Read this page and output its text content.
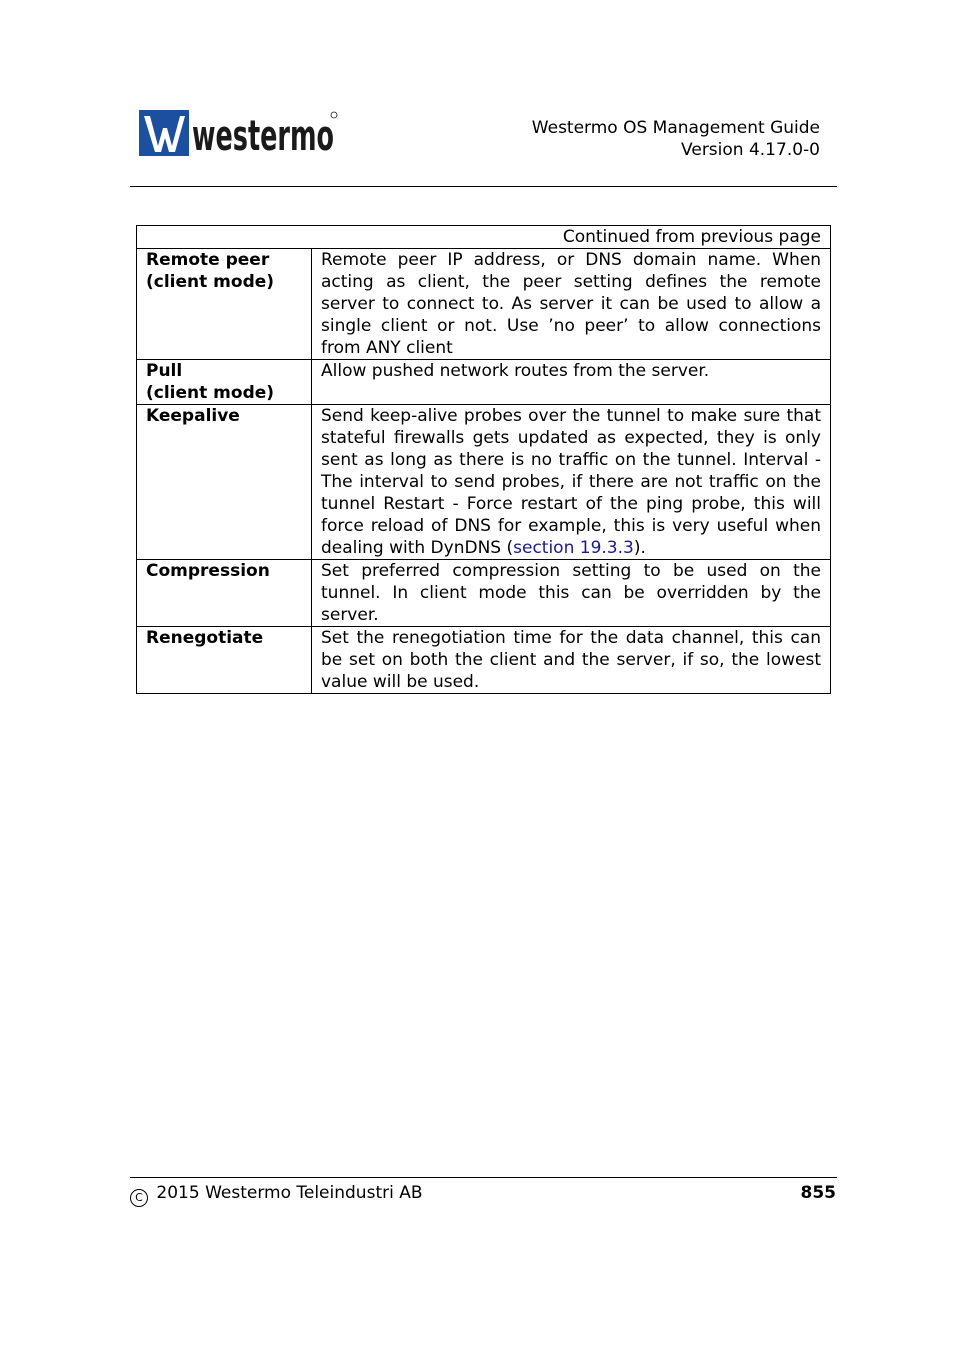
westermo	Westermo OS Management Guide
Version 4.17.0-0
Continued from previous page	
Remote peer
(client mode)	Remote peer IP address, or DNS domain name. When acting as client, the peer setting defines the remote server to connect to. As server it can be used to allow a single client or not. Use ’no peer’ to allow connections from ANY client
Pull
(client mode)	Allow pushed network routes from the server.
Keepalive	Send keep-alive probes over the tunnel to make sure that stateful firewalls gets updated as expected, they is only sent as long as there is no traffic on the tunnel. Interval - The interval to send probes, if there are not traffic on the tunnel Restart - Force restart of the ping probe, this will force reload of DNS for example, this is very useful when dealing with DynDNS (section 19.3.3).
Compression	Set preferred compression setting to be used on the tunnel. In client mode this can be overridden by the server.
Renegotiate	Set the renegotiation time for the data channel, this can be set on both the client and the server, if so, the lowest value will be used.
C 2015 Westermo Teleindustri AB	855
